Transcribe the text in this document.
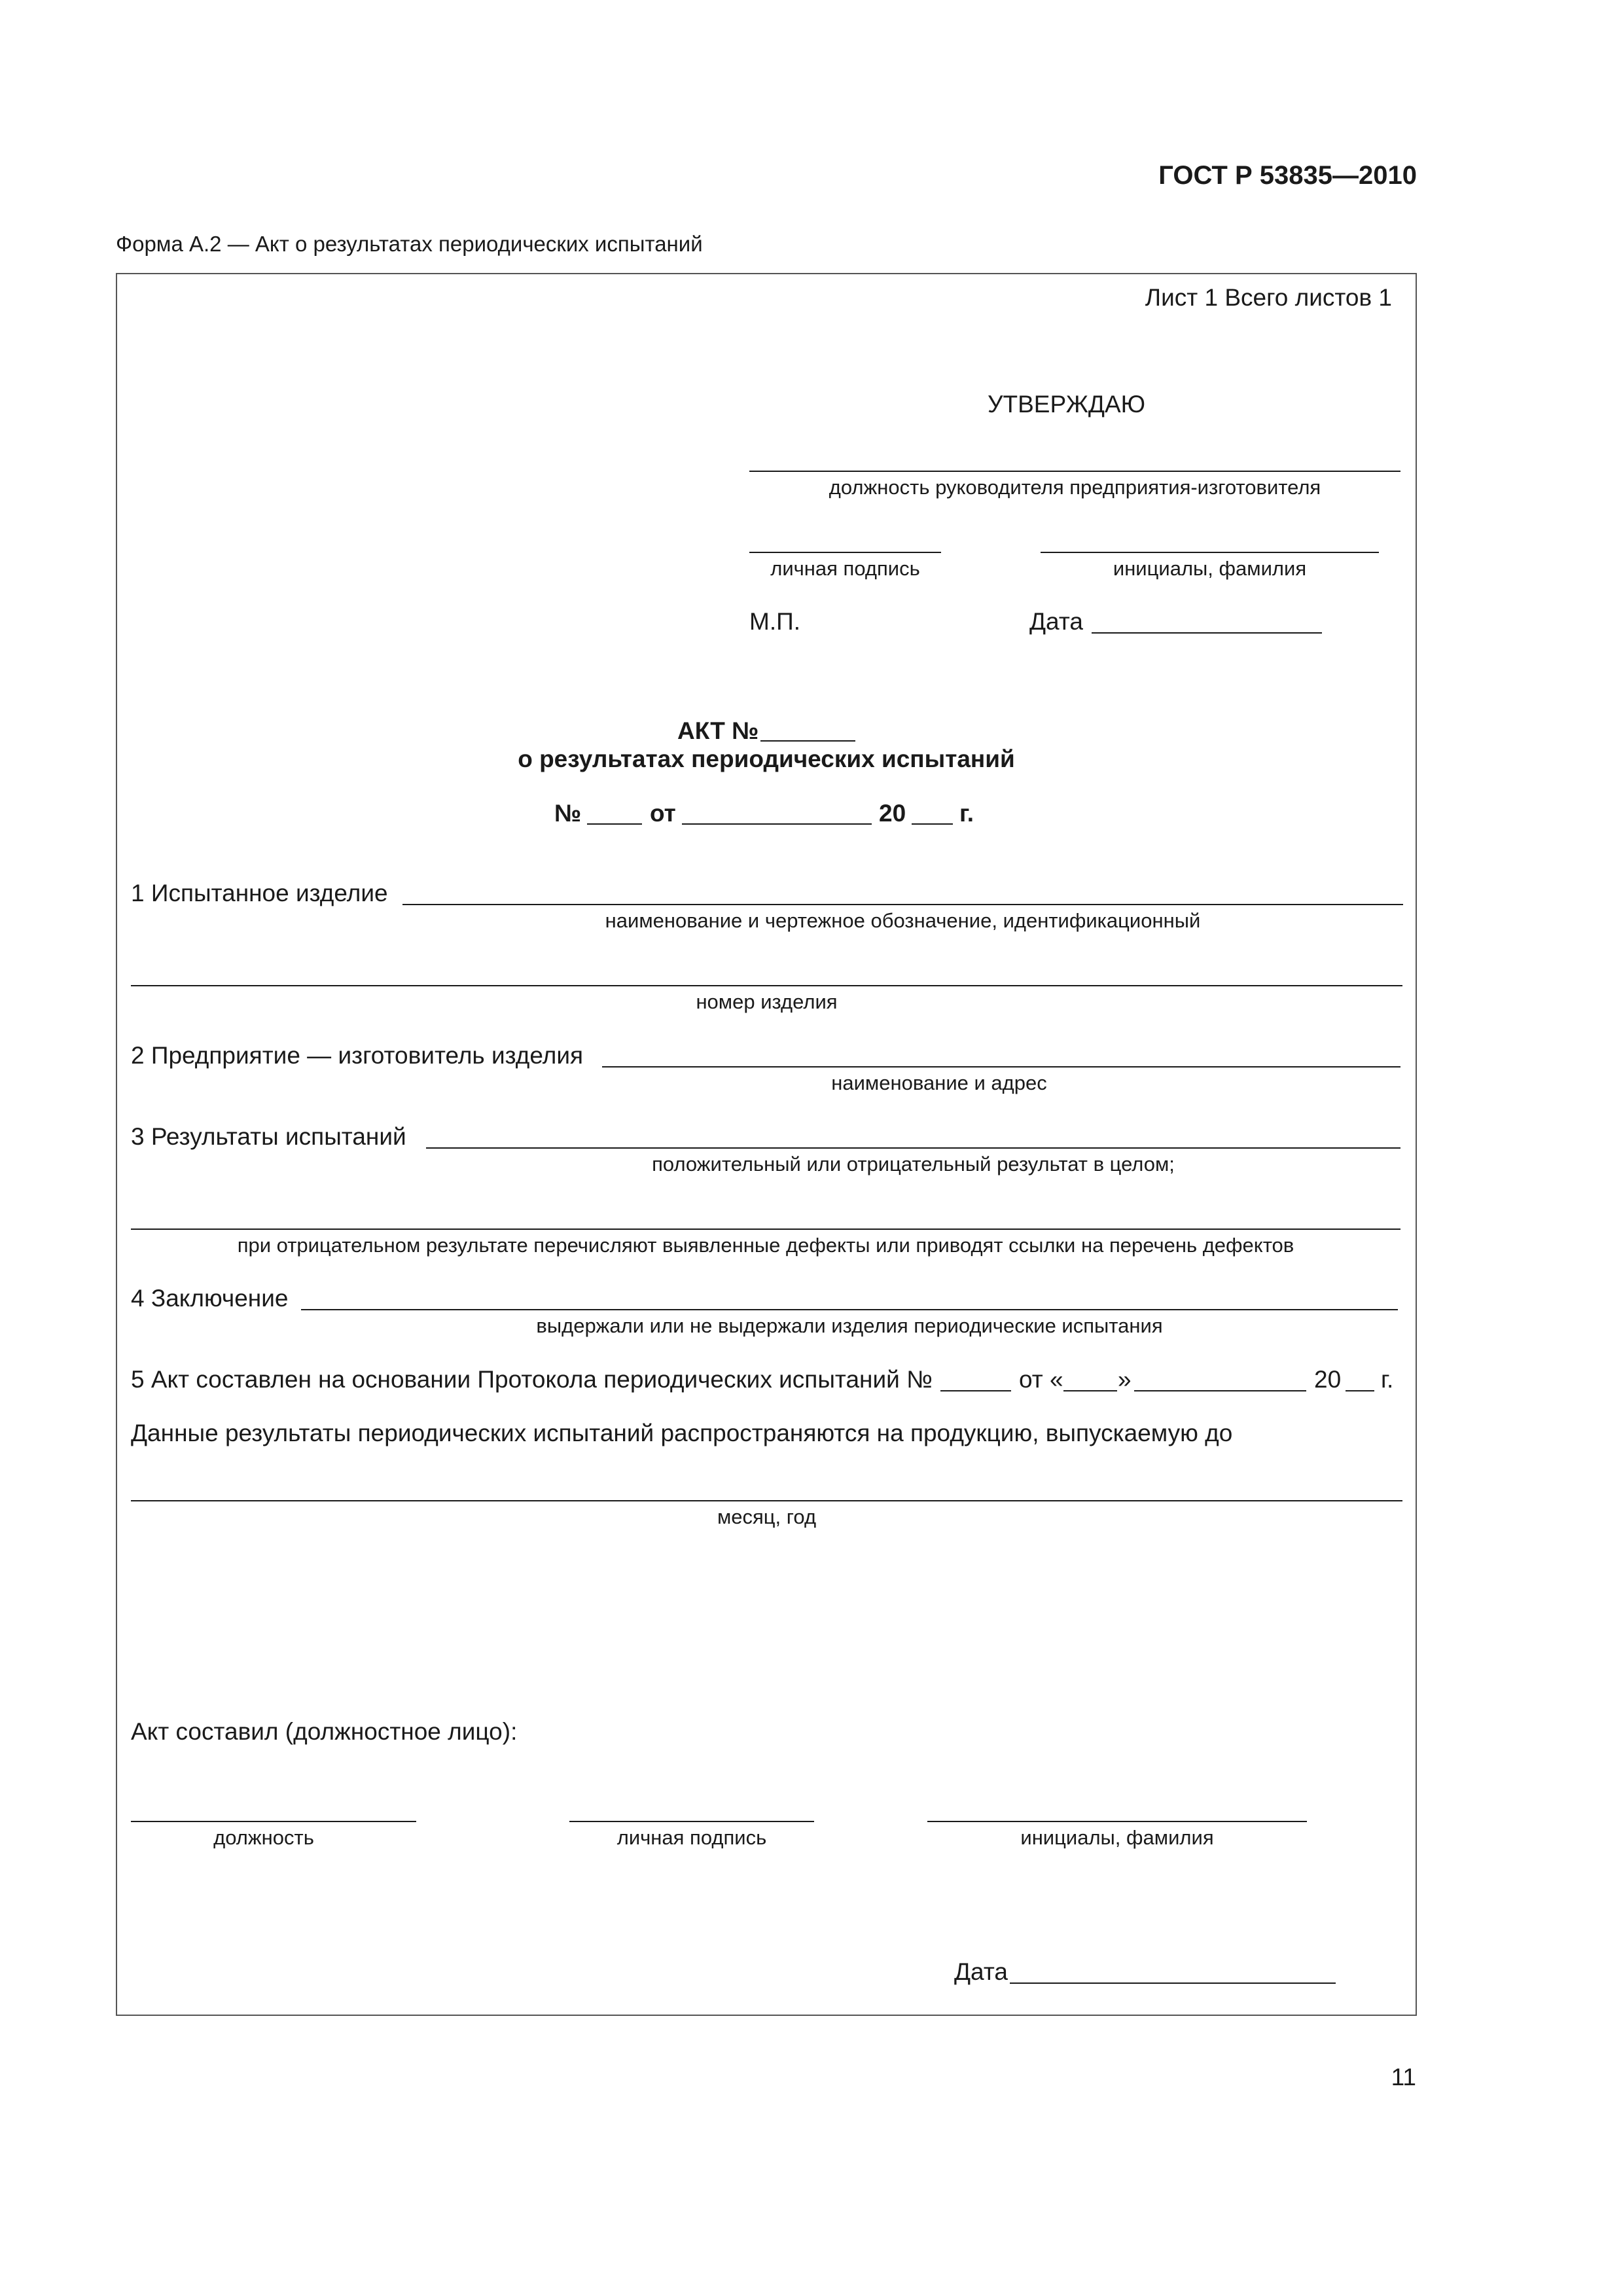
ГОСТ Р 53835—2010
Форма А.2 — Акт о результатах периодических испытаний
Лист 1 Всего листов 1
УТВЕРЖДАЮ
должность руководителя предприятия-изготовителя
личная подпись	инициалы, фамилия
М.П.	Дата
АКТ №
о результатах периодических испытаний
№	от	20 г.
1 Испытанное изделие
наименование и чертежное обозначение, идентификационный
номер изделия
2 Предприятие — изготовитель изделия
наименование и адрес
3 Результаты испытаний
положительный или отрицательный результат в целом;
при отрицательном результате перечисляют выявленные дефекты или приводят ссылки на перечень дефектов
4 Заключение
выдержали или не выдержали изделия периодические испытания
5 Акт составлен на основании Протокола периодических испытаний №	от « »	20 г.
Данные результаты периодических испытаний распространяются на продукцию, выпускаемую до
месяц, год
Акт составил (должностное лицо):
должность	личная подпись	инициалы, фамилия
Дата
11
